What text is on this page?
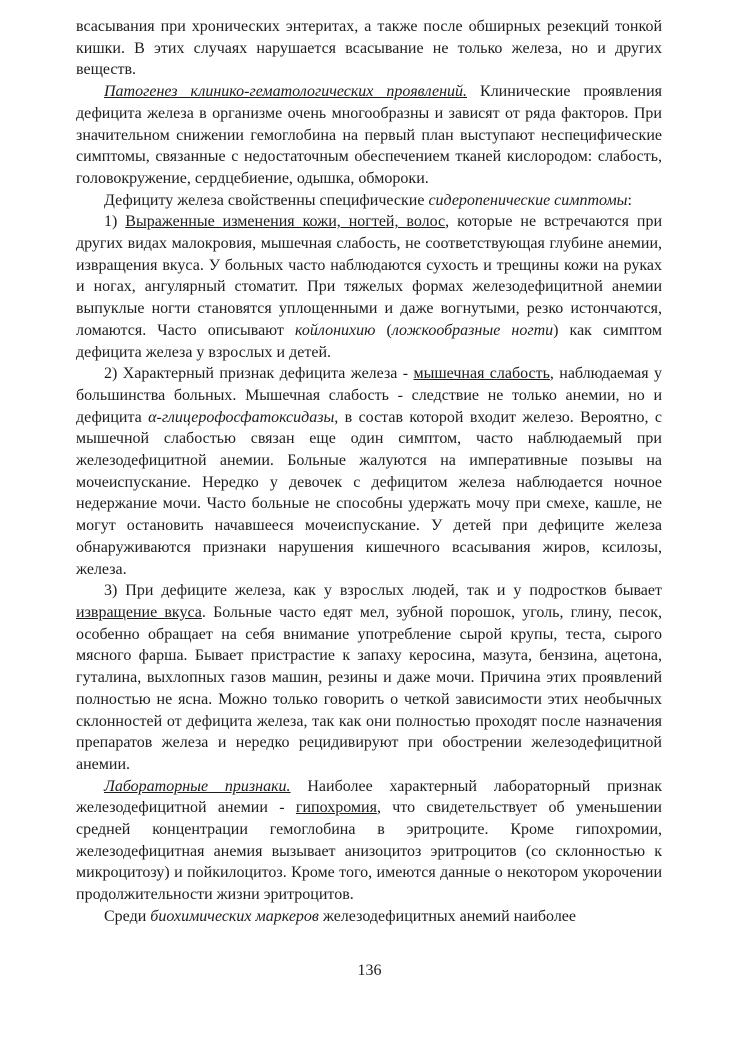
всасывания при хронических энтеритах, а также после обширных резекций тонкой кишки. В этих случаях нарушается всасывание не только железа, но и других веществ.

Патогенез клинико-гематологических проявлений. Клинические проявления дефицита железа в организме очень многообразны и зависят от ряда факторов. При значительном снижении гемоглобина на первый план выступают неспецифические симптомы, связанные с недостаточным обеспечением тканей кислородом: слабость, головокружение, сердцебиение, одышка, обмороки.

Дефициту железа свойственны специфические сидеропенические симптомы:

1) Выраженные изменения кожи, ногтей, волос, которые не встречаются при других видах малокровия, мышечная слабость, не соответствующая глубине анемии, извращения вкуса. У больных часто наблюдаются сухость и трещины кожи на руках и ногах, ангулярный стоматит. При тяжелых формах железодефицитной анемии выпуклые ногти становятся уплощенными и даже вогнутыми, резко истончаются, ломаются. Часто описывают койлонихию (ложкообразные ногти) как симптом дефицита железа у взрослых и детей.

2) Характерный признак дефицита железа - мышечная слабость, наблюдаемая у большинства больных. Мышечная слабость - следствие не только анемии, но и дефицита α-глицерофосфатоксидазы, в состав которой входит железо. Вероятно, с мышечной слабостью связан еще один симптом, часто наблюдаемый при железодефицитной анемии. Больные жалуются на императивные позывы на мочеиспускание. Нередко у девочек с дефицитом железа наблюдается ночное недержание мочи. Часто больные не способны удержать мочу при смехе, кашле, не могут остановить начавшееся мочеиспускание. У детей при дефиците железа обнаруживаются признаки нарушения кишечного всасывания жиров, ксилозы, железа.

3) При дефиците железа, как у взрослых людей, так и у подростков бывает извращение вкуса. Больные часто едят мел, зубной порошок, уголь, глину, песок, особенно обращает на себя внимание употребление сырой крупы, теста, сырого мясного фарша. Бывает пристрастие к запаху керосина, мазута, бензина, ацетона, гуталина, выхлопных газов машин, резины и даже мочи. Причина этих проявлений полностью не ясна. Можно только говорить о четкой зависимости этих необычных склонностей от дефицита железа, так как они полностью проходят после назначения препаратов железа и нередко рецидивируют при обострении железодефицитной анемии.

Лабораторные признаки. Наиболее характерный лабораторный признак железодефицитной анемии - гипохромия, что свидетельствует об уменьшении средней концентрации гемоглобина в эритроците. Кроме гипохромии, железодефицитная анемия вызывает анизоцитоз эритроцитов (со склонностью к микроцитозу) и пойкилоцитоз. Кроме того, имеются данные о некотором укорочении продолжительности жизни эритроцитов.

Среди биохимических маркеров железодефицитных анемий наиболее

136
